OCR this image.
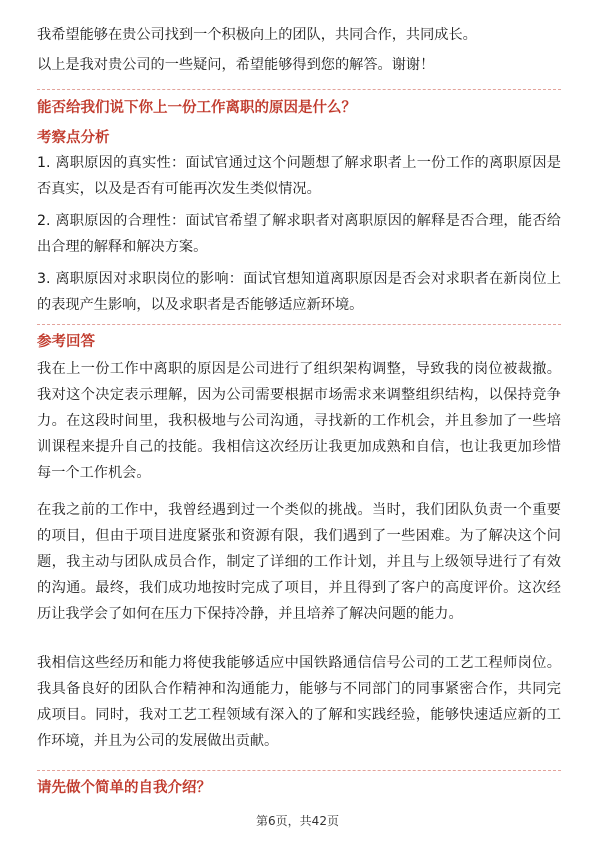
我希望能够在贵公司找到一个积极向上的团队，共同合作，共同成长。

以上是我对贵公司的一些疑问，希望能够得到您的解答。谢谢！

能否给我们说下你上一份工作离职的原因是什么？

考察点分析

1. 离职原因的真实性：面试官通过这个问题想了解求职者上一份工作的离职原因是否真实，以及是否有可能再次发生类似情况。

2. 离职原因的合理性：面试官希望了解求职者对离职原因的解释是否合理，能否给出合理的解释和解决方案。

3. 离职原因对求职岗位的影响：面试官想知道离职原因是否会对求职者在新岗位上的表现产生影响，以及求职者是否能够适应新环境。

参考回答

我在上一份工作中离职的原因是公司进行了组织架构调整，导致我的岗位被裁撤。我对这个决定表示理解，因为公司需要根据市场需求来调整组织结构，以保持竞争力。在这段时间里，我积极地与公司沟通，寻找新的工作机会，并且参加了一些培训课程来提升自己的技能。我相信这次经历让我更加成熟和自信，也让我更加珍惜每一个工作机会。

在我之前的工作中，我曾经遇到过一个类似的挑战。当时，我们团队负责一个重要的项目，但由于项目进度紧张和资源有限，我们遇到了一些困难。为了解决这个问题，我主动与团队成员合作，制定了详细的工作计划，并且与上级领导进行了有效的沟通。最终，我们成功地按时完成了项目，并且得到了客户的高度评价。这次经历让我学会了如何在压力下保持冷静，并且培养了解决问题的能力。

我相信这些经历和能力将使我能够适应中国铁路通信信号公司的工艺工程师岗位。我具备良好的团队合作精神和沟通能力，能够与不同部门的同事紧密合作，共同完成项目。同时，我对工艺工程领域有深入的了解和实践经验，能够快速适应新的工作环境，并且为公司的发展做出贡献。

请先做个简单的自我介绍？

第6页，共42页
